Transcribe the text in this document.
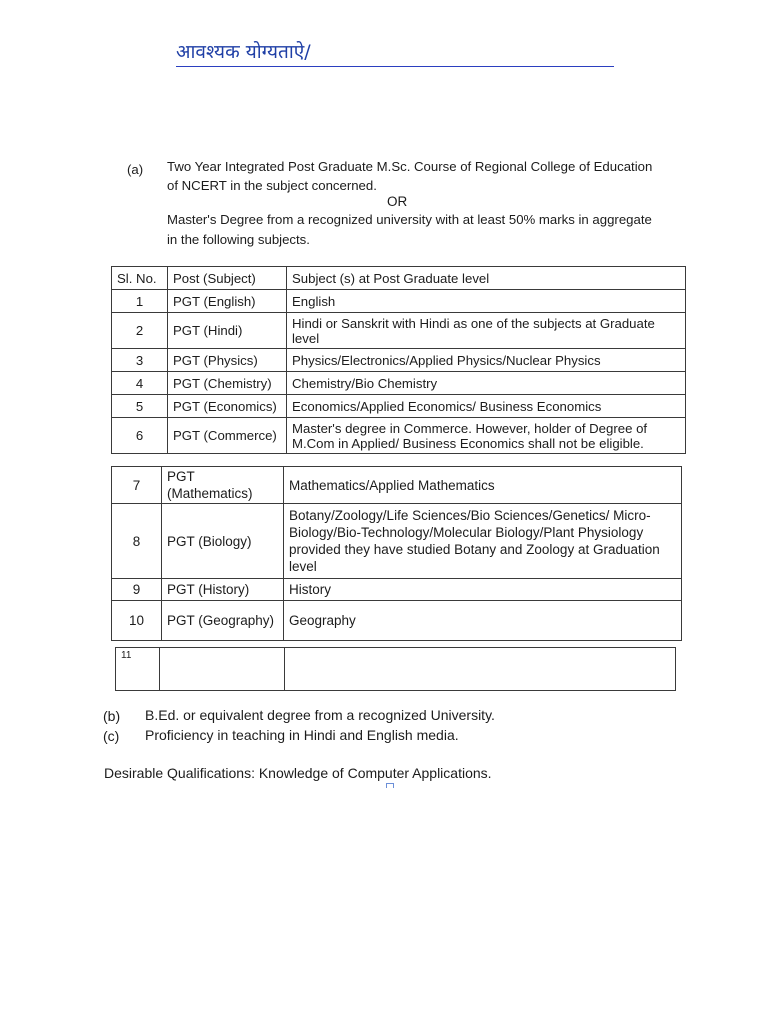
आवश्यक योग्यताऐ/
(a) Two Year Integrated Post Graduate M.Sc. Course of Regional College of Education
of NCERT in the subject concerned.
OR
Master's Degree from a recognized university with at least 50% marks in aggregate
in the following subjects.
Sl. No.	Post (Subject)	Subject (s) at Post Graduate level
1	PGT (English)	English
2	PGT (Hindi)	Hindi or Sanskrit with Hindi as one of the subjects at Graduate level
3	PGT (Physics)	Physics/Electronics/Applied Physics/Nuclear Physics
4	PGT (Chemistry)	Chemistry/Bio Chemistry
5	PGT (Economics)	Economics/Applied Economics/ Business Economics
6	PGT (Commerce)	Master's degree in Commerce. However, holder of Degree of M.Com in Applied/ Business Economics shall not be eligible.
7	PGT (Mathematics)	Mathematics/Applied Mathematics
8	PGT (Biology)	Botany/Zoology/Life Sciences/Bio Sciences/Genetics/ Micro-Biology/Bio-Technology/Molecular Biology/Plant Physiology provided they have studied Botany and Zoology at Graduation level
9	PGT (History)	History
10	PGT (Geography)	Geography
11		
(b) B.Ed. or equivalent degree from a recognized University.
(c) Proficiency in teaching in Hindi and English media.
Desirable Qualifications: Knowledge of Computer Applications.
